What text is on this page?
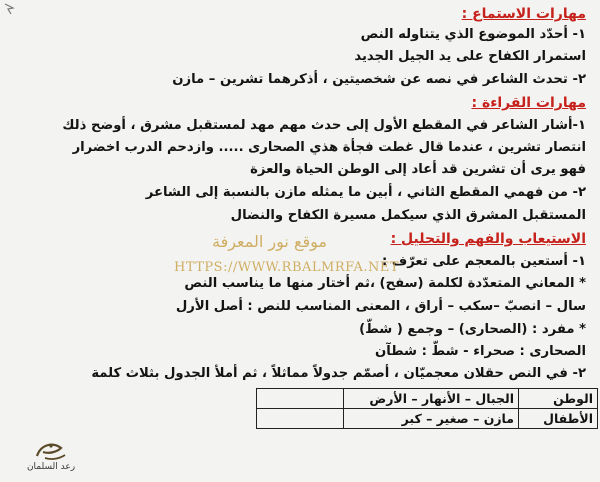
مهارات الاستماع :
١- أحدّد الموضوع الذي يتناوله النص
استمرار الكفاح على يد الجيل الجديد
٢- تحدث الشاعر في نصه عن شخصيتين ، أذكرهما تشرين – مازن
مهارات القراءة :
١-أشار الشاعر في المقطع الأول إلى حدث مهم مهد لمستقبل مشرق ، أوضح ذلك
انتصار تشرين ، عندما قال غطت فجأة هذي الصحارى ..... وازدحم الدرب اخضرار
فهو يرى أن تشرين قد أعاد إلى الوطن الحياة والعزة
٢- من فهمي المقطع الثاني ، أبين ما يمثله مازن بالنسبة إلى الشاعر
المستقبل المشرق الذي سيكمل مسيرة الكفاح والنضال
الاستيعاب والفهم والتحليل :
١- أستعين بالمعجم على تعرّف :
* المعاني المتعدّدة لكلمة (سفح) ،ثم أختار منها ما يناسب النص
سال – انصبّ –سكب – أراق ، المعنى المناسب للنص : أصل الأرل
* مفرد : (الصحارى) – وجمع ( شطّ)
الصحارى : صحراء - شطّ : شطآن
٢- في النص حقلان معجميّان ، أصمّم جدولاً مماثلاً ، ثم أملأ الجدول بثلاث كلمة
موقع نور المعرفة
HTTPS://WWW.RBALMRFA.NET
الوطن	الجبال – الأنهار – الأرض	
الأطفال	مازن – صغير – كبر	
رعد السلمان
